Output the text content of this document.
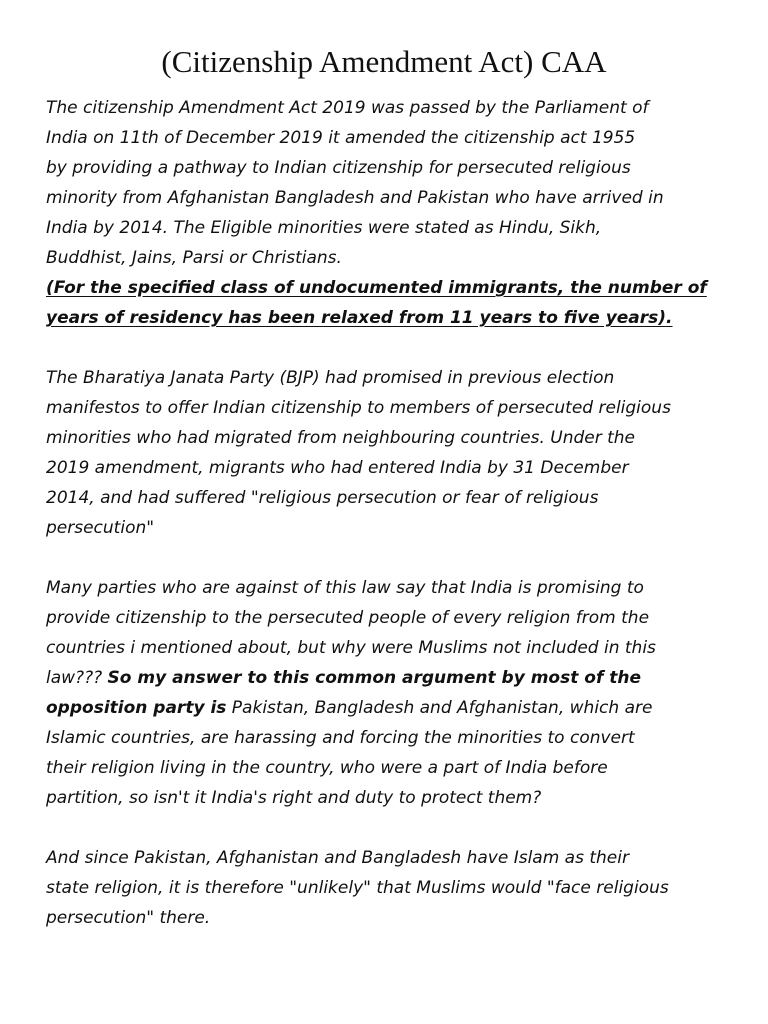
(Citizenship Amendment Act) CAA
The citizenship Amendment Act 2019 was passed by the Parliament of
India on 11th of December 2019 it amended the citizenship act 1955
by providing a pathway to Indian citizenship for persecuted religious
minority from Afghanistan Bangladesh and Pakistan who have arrived in
India by 2014. The Eligible minorities were stated as Hindu, Sikh,
Buddhist, Jains, Parsi or Christians.
(For the specified class of undocumented immigrants, the number of
years of residency has been relaxed from 11 years to five years).
The Bharatiya Janata Party (BJP) had promised in previous election
manifestos to offer Indian citizenship to members of persecuted religious
minorities who had migrated from neighbouring countries. Under the
2019 amendment, migrants who had entered India by 31 December
2014, and had suffered "religious persecution or fear of religious
persecution"
Many parties who are against of this law say that India is promising to
provide citizenship to the persecuted people of every religion from the
countries i mentioned about, but why were Muslims not included in this
law??? So my answer to this common argument by most of the
opposition party is Pakistan, Bangladesh and Afghanistan, which are
Islamic countries, are harassing and forcing the minorities to convert
their religion living in the country, who were a part of India before
partition, so isn't it India's right and duty to protect them?
And since Pakistan, Afghanistan and Bangladesh have Islam as their
state religion, it is therefore "unlikely" that Muslims would "face religious
persecution" there.
